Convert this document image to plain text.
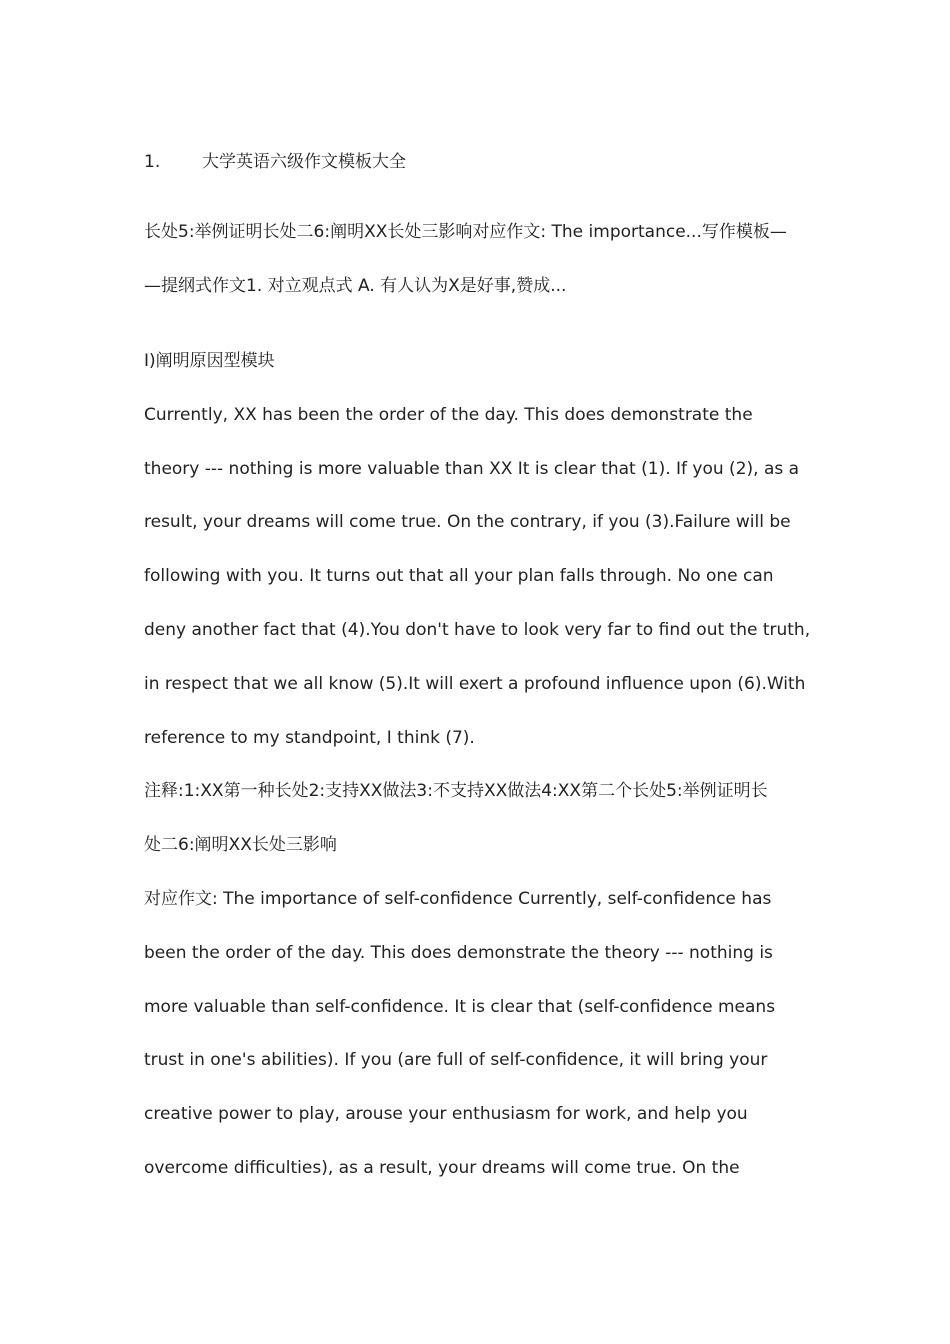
1. 大学英语六级作文模板大全
长处5:举例证明长处二6:阐明XX长处三影响对应作文: The importance...写作模板—
—提纲式作文1. 对立观点式 A. 有人认为X是好事,赞成...
I)阐明原因型模块
Currently, XX has been the order of the day. This does demonstrate the
theory --- nothing is more valuable than XX It is clear that (1). If you (2), as a
result, your dreams will come true. On the contrary, if you (3).Failure will be
following with you. It turns out that all your plan falls through. No one can
deny another fact that (4).You don't have to look very far to find out the truth,
in respect that we all know (5).It will exert a profound influence upon (6).With
reference to my standpoint, I think (7).
注释:1:XX第一种长处2:支持XX做法3:不支持XX做法4:XX第二个长处5:举例证明长
处二6:阐明XX长处三影响
对应作文: The importance of self-confidence Currently, self-confidence has
been the order of the day. This does demonstrate the theory --- nothing is
more valuable than self-confidence. It is clear that (self-confidence means
trust in one's abilities). If you (are full of self-confidence, it will bring your
creative power to play, arouse your enthusiasm for work, and help you
overcome difficulties), as a result, your dreams will come true. On the
